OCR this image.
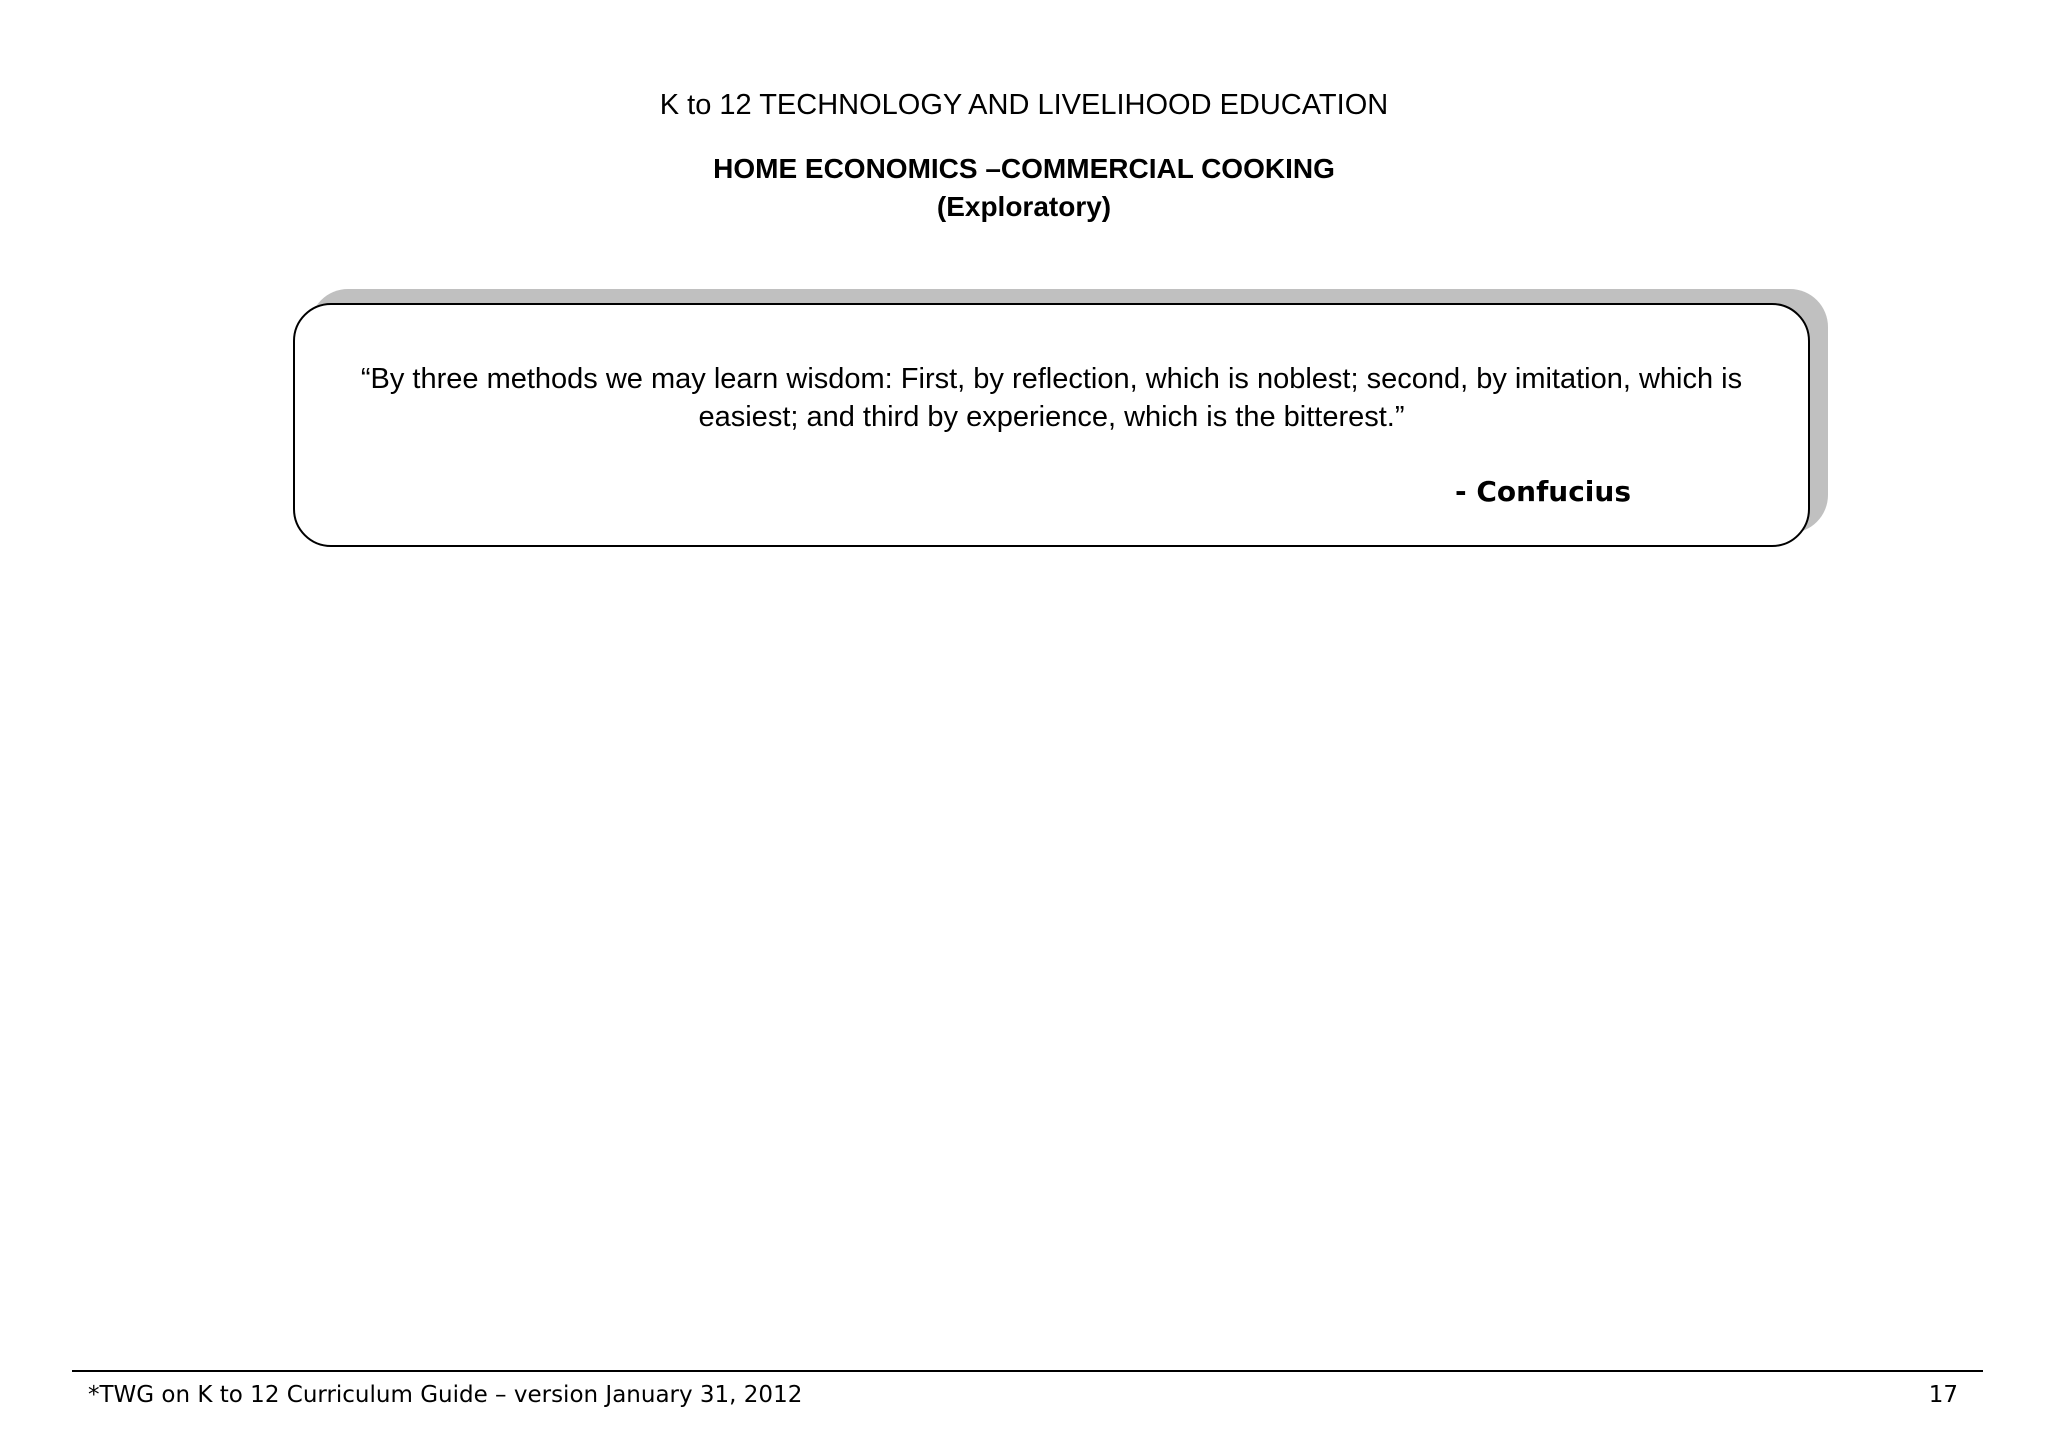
K to 12 TECHNOLOGY AND LIVELIHOOD EDUCATION
HOME ECONOMICS –COMMERCIAL COOKING
(Exploratory)
“By three methods we may learn wisdom: First, by reflection, which is noblest; second, by imitation, which is easiest; and third by experience, which is the bitterest.”
- Confucius
*TWG on K to 12 Curriculum Guide – version January 31, 2012	17
